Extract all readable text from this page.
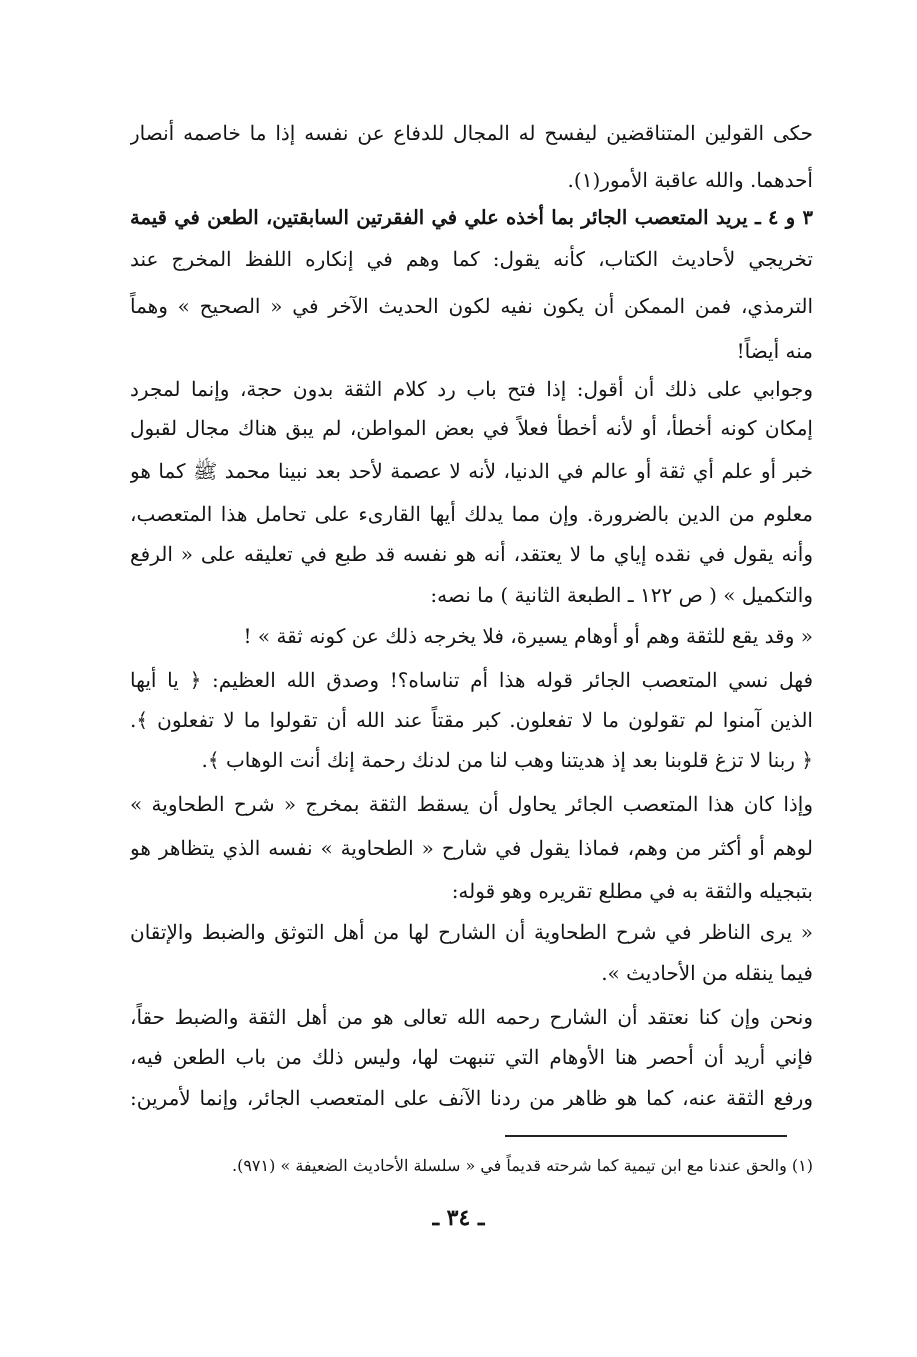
حكى القولين المتناقضين ليفسح له المجال للدفاع عن نفسه إذا ما خاصمه أنصار
أحدهما. والله عاقبة الأمور(١).
٣ و ٤ ـ يريد المتعصب الجائر بما أخذه علي في الفقرتين السابقتين، الطعن في قيمة
تخريجي لأحاديث الكتاب، كأنه يقول: كما وهم في إنكاره اللفظ المخرج عند
الترمذي، فمن الممكن أن يكون نفيه لكون الحديث الآخر في « الصحيح » وهماً
منه أيضاً!
وجوابي على ذلك أن أقول: إذا فتح باب رد كلام الثقة بدون حجة، وإنما لمجرد
إمكان كونه أخطأ، أو لأنه أخطأ فعلاً في بعض المواطن، لم يبق هناك مجال لقبول
خبر أو علم أي ثقة أو عالم في الدنيا، لأنه لا عصمة لأحد بعد نبينا محمد ﷺ كما هو
معلوم من الدين بالضرورة. وإن مما يدلك أيها القارىء على تحامل هذا المتعصب،
وأنه يقول في نقده إياي ما لا يعتقد، أنه هو نفسه قد طبع في تعليقه على « الرفع
والتكميل » ( ص ١٢٢ ـ الطبعة الثانية ) ما نصه:
« وقد يقع للثقة وهم أو أوهام يسيرة، فلا يخرجه ذلك عن كونه ثقة » !
فهل نسي المتعصب الجائر قوله هذا أم تناساه؟! وصدق الله العظيم: ﴿ يا أيها
الذين آمنوا لم تقولون ما لا تفعلون. كبر مقتاً عند الله أن تقولوا ما لا تفعلون ﴾.
﴿ ربنا لا تزغ قلوبنا بعد إذ هديتنا وهب لنا من لدنك رحمة إنك أنت الوهاب ﴾.
وإذا كان هذا المتعصب الجائر يحاول أن يسقط الثقة بمخرج « شرح الطحاوية »
لوهم أو أكثر من وهم، فماذا يقول في شارح « الطحاوية » نفسه الذي يتظاهر هو
بتبجيله والثقة به في مطلع تقريره وهو قوله:
« يرى الناظر في شرح الطحاوية أن الشارح لها من أهل التوثق والضبط والإتقان
فيما ينقله من الأحاديث ».
ونحن وإن كنا نعتقد أن الشارح رحمه الله تعالى هو من أهل الثقة والضبط حقاً،
فإني أريد أن أحصر هنا الأوهام التي تنبهت لها، وليس ذلك من باب الطعن فيه،
ورفع الثقة عنه، كما هو ظاهر من ردنا الآنف على المتعصب الجائر، وإنما لأمرين:
(١) والحق عندنا مع ابن تيمية كما شرحته قديماً في « سلسلة الأحاديث الضعيفة » (٩٧١).
ـ ٣٤ ـ
